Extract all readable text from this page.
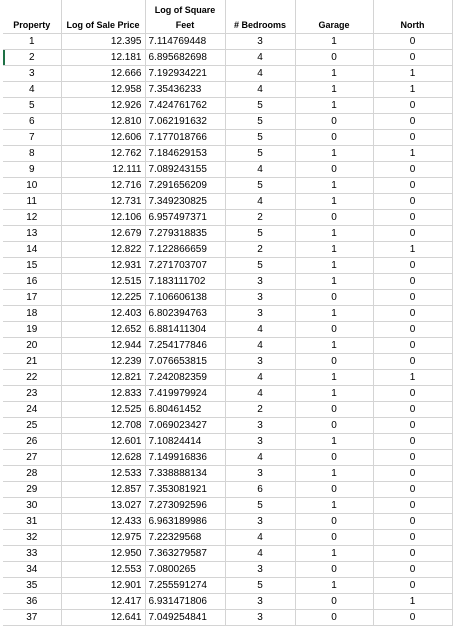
		Log of Square			
Property	Log of Sale Price	Feet	# Bedrooms	Garage	North
1	12.395	7.114769448	3	1	0
2	12.181	6.895682698	4	0	0
3	12.666	7.192934221	4	1	1
4	12.958	7.35436233	4	1	1
5	12.926	7.424761762	5	1	0
6	12.810	7.062191632	5	0	0
7	12.606	7.177018766	5	0	0
8	12.762	7.184629153	5	1	1
9	12.111	7.089243155	4	0	0
10	12.716	7.291656209	5	1	0
11	12.731	7.349230825	4	1	0
12	12.106	6.957497371	2	0	0
13	12.679	7.279318835	5	1	0
14	12.822	7.122866659	2	1	1
15	12.931	7.271703707	5	1	0
16	12.515	7.183111702	3	1	0
17	12.225	7.106606138	3	0	0
18	12.403	6.802394763	3	1	0
19	12.652	6.881411304	4	0	0
20	12.944	7.254177846	4	1	0
21	12.239	7.076653815	3	0	0
22	12.821	7.242082359	4	1	1
23	12.833	7.419979924	4	1	0
24	12.525	6.80461452	2	0	0
25	12.708	7.069023427	3	0	0
26	12.601	7.10824414	3	1	0
27	12.628	7.149916836	4	0	0
28	12.533	7.338888134	3	1	0
29	12.857	7.353081921	6	0	0
30	13.027	7.273092596	5	1	0
31	12.433	6.963189986	3	0	0
32	12.975	7.22329568	4	0	0
33	12.950	7.363279587	4	1	0
34	12.553	7.0800265	3	0	0
35	12.901	7.255591274	5	1	0
36	12.417	6.931471806	3	0	1
37	12.641	7.049254841	3	0	0
